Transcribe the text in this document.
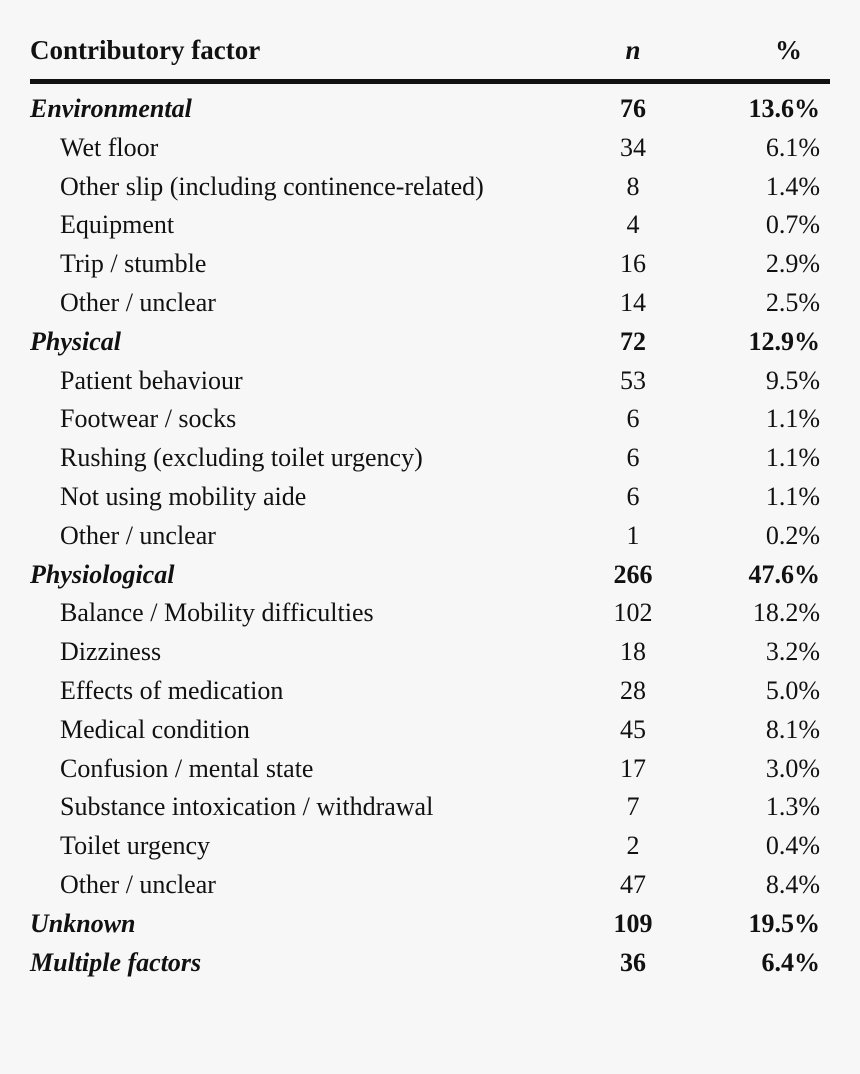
Contributory factor	n	%
Environmental	76	13.6%
Wet floor	34	6.1%
Other slip (including continence-related)	8	1.4%
Equipment	4	0.7%
Trip / stumble	16	2.9%
Other / unclear	14	2.5%
Physical	72	12.9%
Patient behaviour	53	9.5%
Footwear / socks	6	1.1%
Rushing (excluding toilet urgency)	6	1.1%
Not using mobility aide	6	1.1%
Other / unclear	1	0.2%
Physiological	266	47.6%
Balance / Mobility difficulties	102	18.2%
Dizziness	18	3.2%
Effects of medication	28	5.0%
Medical condition	45	8.1%
Confusion / mental state	17	3.0%
Substance intoxication / withdrawal	7	1.3%
Toilet urgency	2	0.4%
Other / unclear	47	8.4%
Unknown	109	19.5%
Multiple factors	36	6.4%
